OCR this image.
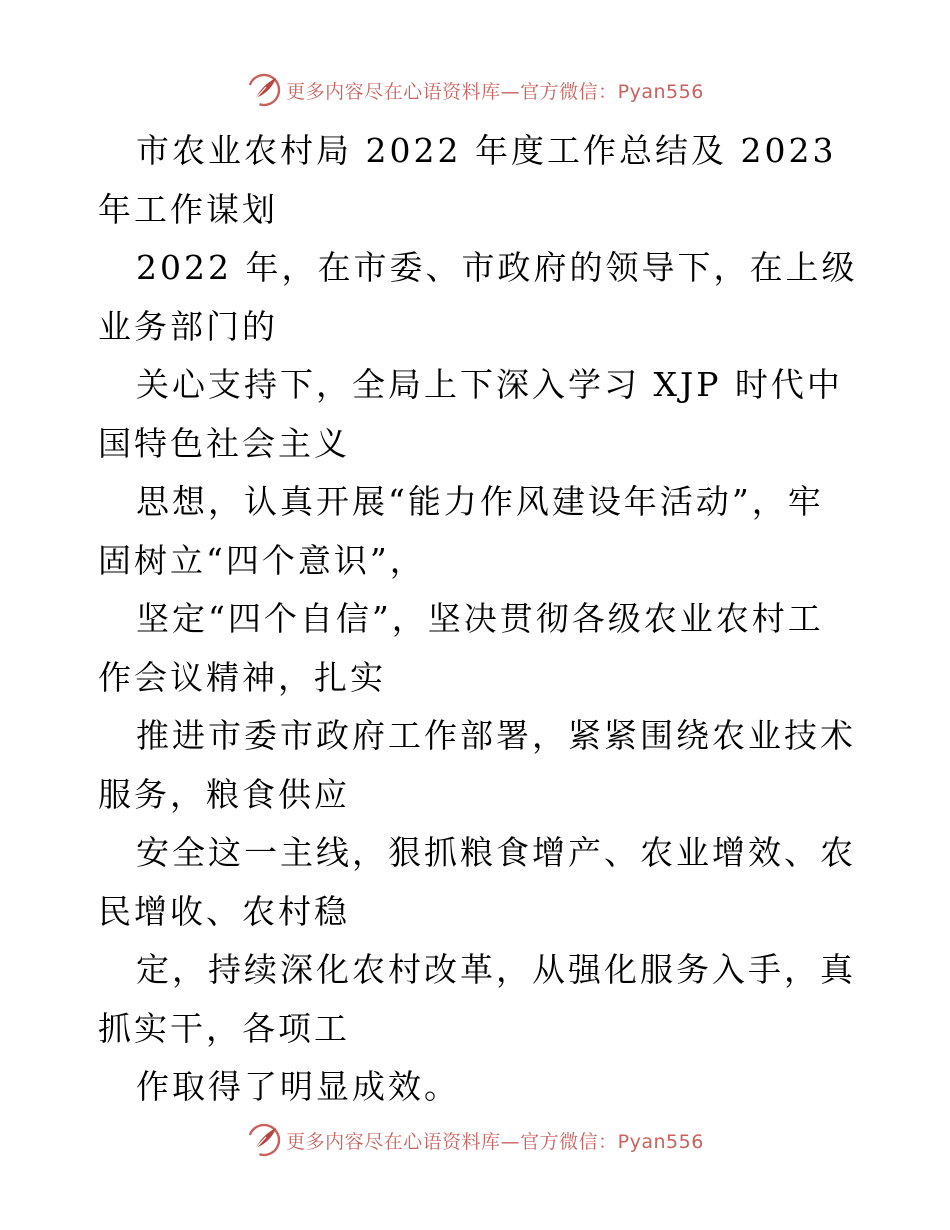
更多内容尽在心语资料库—官方微信：Pyan556

市农业农村局 2022 年度工作总结及 2023 年工作谋划

2022 年，在市委、市政府的领导下，在上级业务部门的

关心支持下，全局上下深入学习 XJP 时代中国特色社会主义

思想，认真开展“能力作风建设年活动”，牢固树立“四个意识”，

坚定“四个自信”，坚决贯彻各级农业农村工作会议精神，扎实

推进市委市政府工作部署，紧紧围绕农业技术服务，粮食供应

安全这一主线，狠抓粮食增产、农业增效、农民增收、农村稳

定，持续深化农村改革，从强化服务入手，真抓实干，各项工

作取得了明显成效。

更多内容尽在心语资料库—官方微信：Pyan556
